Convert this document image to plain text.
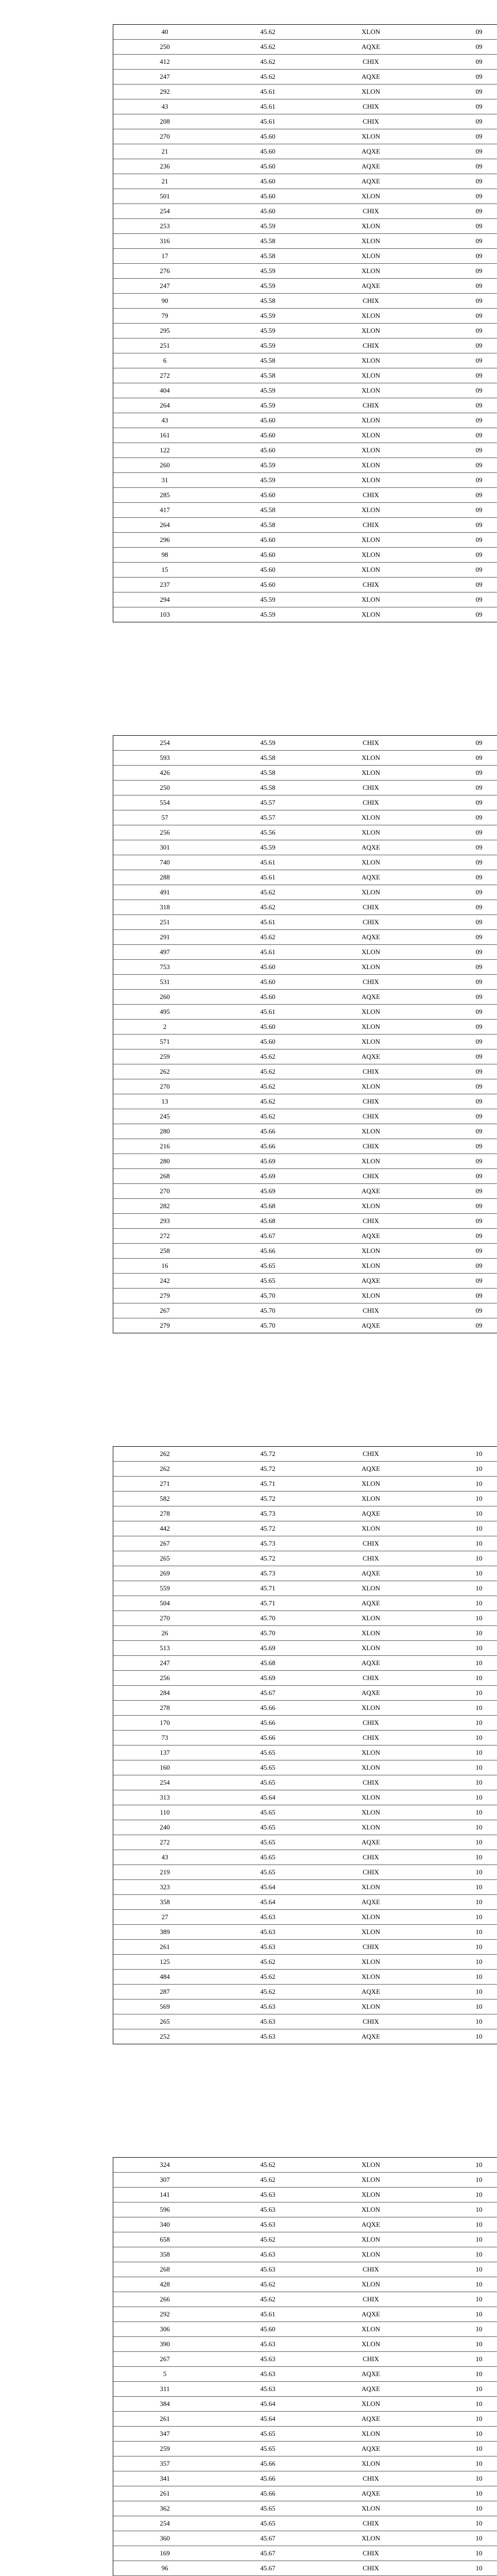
40	45.62	XLON	09
250	45.62	AQXE	09
412	45.62	CHIX	09
247	45.62	AQXE	09
292	45.61	XLON	09
43	45.61	CHIX	09
208	45.61	CHIX	09
270	45.60	XLON	09
21	45.60	AQXE	09
236	45.60	AQXE	09
21	45.60	AQXE	09
501	45.60	XLON	09
254	45.60	CHIX	09
253	45.59	XLON	09
316	45.58	XLON	09
17	45.58	XLON	09
276	45.59	XLON	09
247	45.59	AQXE	09
90	45.58	CHIX	09
79	45.59	XLON	09
295	45.59	XLON	09
251	45.59	CHIX	09
6	45.58	XLON	09
272	45.58	XLON	09
404	45.59	XLON	09
264	45.59	CHIX	09
43	45.60	XLON	09
161	45.60	XLON	09
122	45.60	XLON	09
260	45.59	XLON	09
31	45.59	XLON	09
285	45.60	CHIX	09
417	45.58	XLON	09
264	45.58	CHIX	09
296	45.60	XLON	09
98	45.60	XLON	09
15	45.60	XLON	09
237	45.60	CHIX	09
294	45.59	XLON	09
103	45.59	XLON	09
254	45.59	CHIX	09
593	45.58	XLON	09
426	45.58	XLON	09
250	45.58	CHIX	09
554	45.57	CHIX	09
57	45.57	XLON	09
256	45.56	XLON	09
301	45.59	AQXE	09
740	45.61	XLON	09
288	45.61	AQXE	09
491	45.62	XLON	09
318	45.62	CHIX	09
251	45.61	CHIX	09
291	45.62	AQXE	09
497	45.61	XLON	09
753	45.60	XLON	09
531	45.60	CHIX	09
260	45.60	AQXE	09
495	45.61	XLON	09
2	45.60	XLON	09
571	45.60	XLON	09
259	45.62	AQXE	09
262	45.62	CHIX	09
270	45.62	XLON	09
13	45.62	CHIX	09
245	45.62	CHIX	09
280	45.66	XLON	09
216	45.66	CHIX	09
280	45.69	XLON	09
268	45.69	CHIX	09
270	45.69	AQXE	09
282	45.68	XLON	09
293	45.68	CHIX	09
272	45.67	AQXE	09
258	45.66	XLON	09
16	45.65	XLON	09
242	45.65	AQXE	09
279	45.70	XLON	09
267	45.70	CHIX	09
279	45.70	AQXE	09
262	45.72	CHIX	10
262	45.72	AQXE	10
271	45.71	XLON	10
582	45.72	XLON	10
278	45.73	AQXE	10
442	45.72	XLON	10
267	45.73	CHIX	10
265	45.72	CHIX	10
269	45.73	AQXE	10
559	45.71	XLON	10
504	45.71	AQXE	10
270	45.70	XLON	10
26	45.70	XLON	10
513	45.69	XLON	10
247	45.68	AQXE	10
256	45.69	CHIX	10
284	45.67	AQXE	10
278	45.66	XLON	10
170	45.66	CHIX	10
73	45.66	CHIX	10
137	45.65	XLON	10
160	45.65	XLON	10
254	45.65	CHIX	10
313	45.64	XLON	10
110	45.65	XLON	10
240	45.65	XLON	10
272	45.65	AQXE	10
43	45.65	CHIX	10
219	45.65	CHIX	10
323	45.64	XLON	10
358	45.64	AQXE	10
27	45.63	XLON	10
389	45.63	XLON	10
261	45.63	CHIX	10
125	45.62	XLON	10
484	45.62	XLON	10
287	45.62	AQXE	10
569	45.63	XLON	10
265	45.63	CHIX	10
252	45.63	AQXE	10
324	45.62	XLON	10
307	45.62	XLON	10
141	45.63	XLON	10
596	45.63	XLON	10
340	45.63	AQXE	10
658	45.62	XLON	10
358	45.63	XLON	10
268	45.63	CHIX	10
428	45.62	XLON	10
266	45.62	CHIX	10
292	45.61	AQXE	10
306	45.60	XLON	10
390	45.63	XLON	10
267	45.63	CHIX	10
5	45.63	AQXE	10
311	45.63	AQXE	10
384	45.64	XLON	10
261	45.64	AQXE	10
347	45.65	XLON	10
259	45.65	AQXE	10
357	45.66	XLON	10
341	45.66	CHIX	10
261	45.66	AQXE	10
362	45.65	XLON	10
254	45.65	CHIX	10
360	45.67	XLON	10
169	45.67	CHIX	10
96	45.67	CHIX	10
